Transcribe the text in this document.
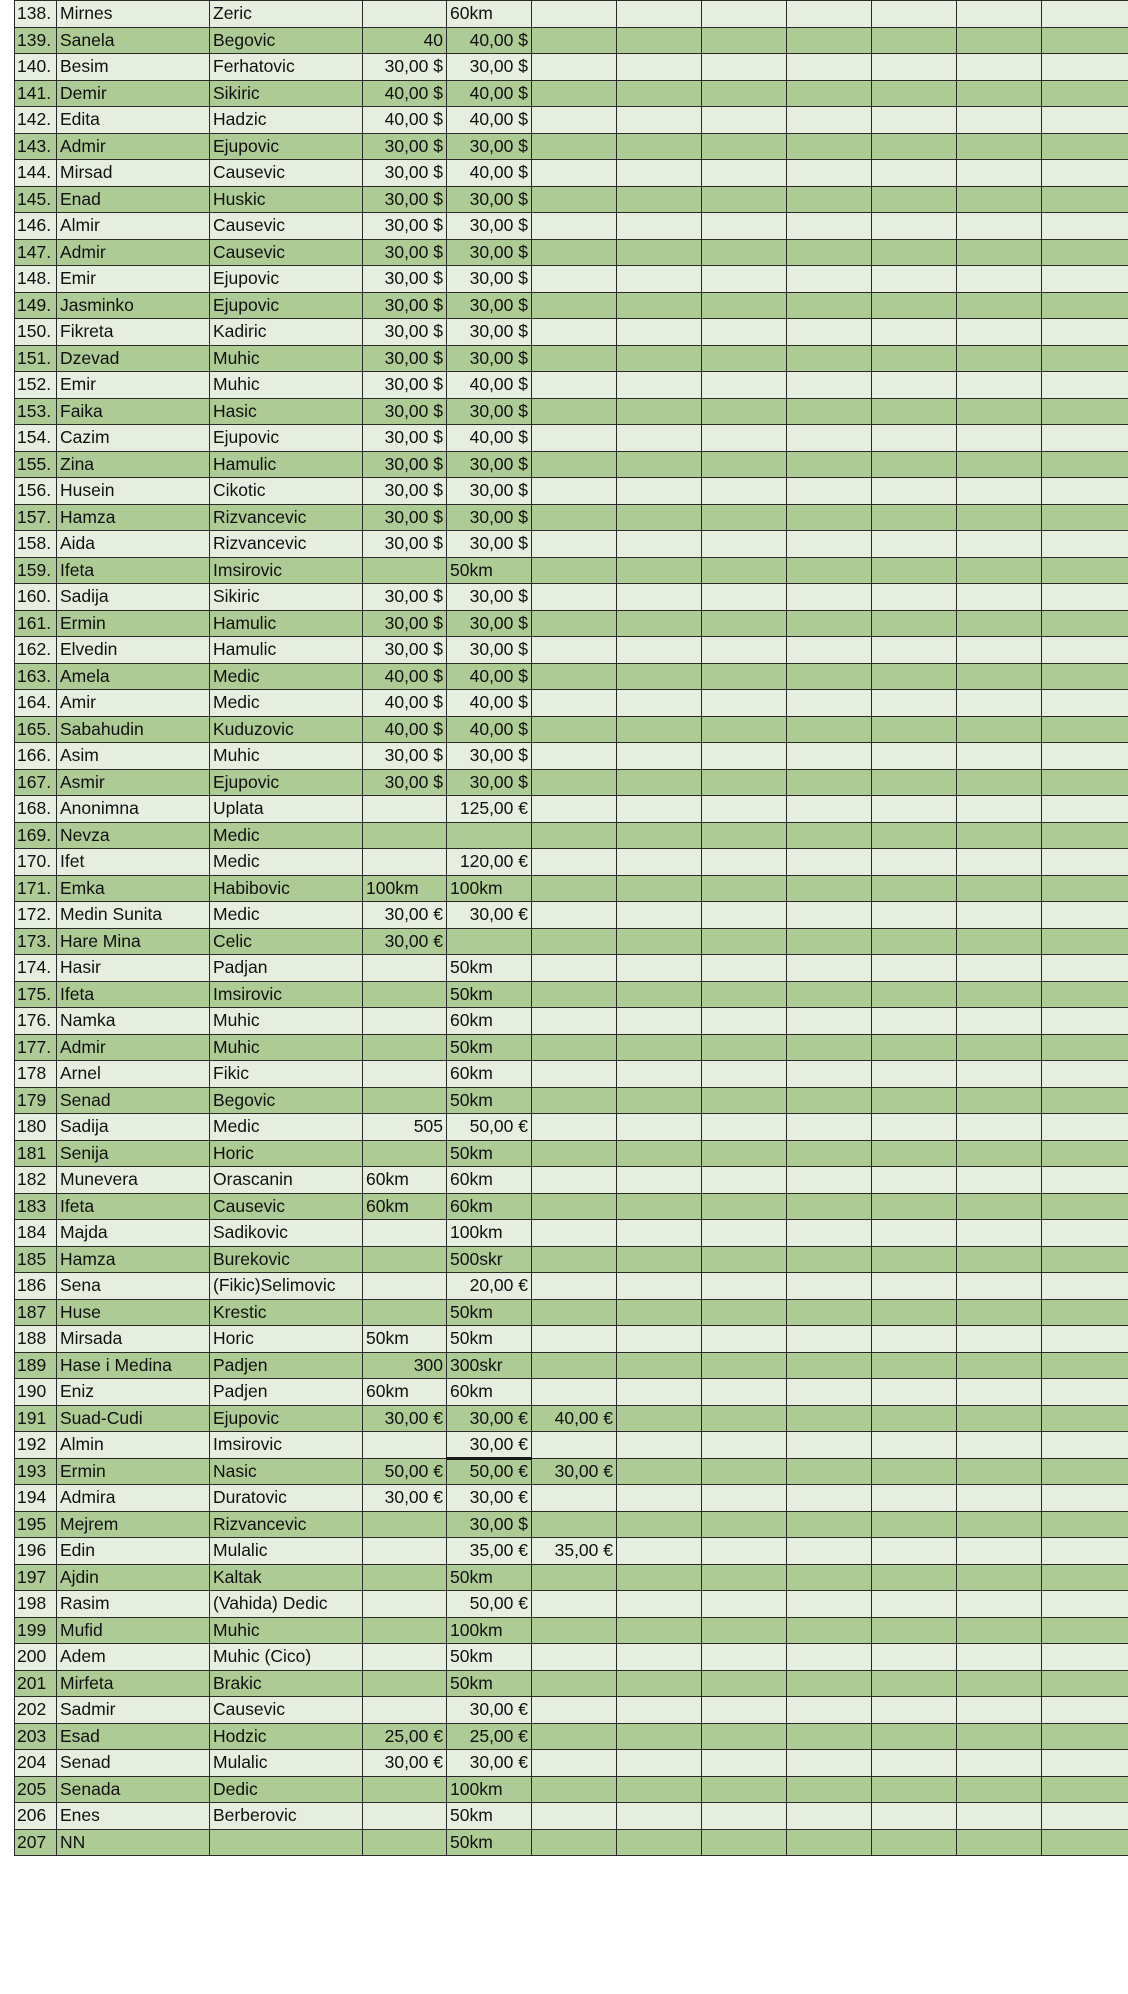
138.	Mirnes	Zeric		60km							
139.	Sanela	Begovic	40	40,00 $							
140.	Besim	Ferhatovic	30,00 $	30,00 $							
141.	Demir	Sikiric	40,00 $	40,00 $							
142.	Edita	Hadzic	40,00 $	40,00 $							
143.	Admir	Ejupovic	30,00 $	30,00 $							
144.	Mirsad	Causevic	30,00 $	40,00 $							
145.	Enad	Huskic	30,00 $	30,00 $							
146.	Almir	Causevic	30,00 $	30,00 $							
147.	Admir	Causevic	30,00 $	30,00 $							
148.	Emir	Ejupovic	30,00 $	30,00 $							
149.	Jasminko	Ejupovic	30,00 $	30,00 $							
150.	Fikreta	Kadiric	30,00 $	30,00 $							
151.	Dzevad	Muhic	30,00 $	30,00 $							
152.	Emir	Muhic	30,00 $	40,00 $							
153.	Faika	Hasic	30,00 $	30,00 $							
154.	Cazim	Ejupovic	30,00 $	40,00 $							
155.	Zina	Hamulic	30,00 $	30,00 $							
156.	Husein	Cikotic	30,00 $	30,00 $							
157.	Hamza	Rizvancevic	30,00 $	30,00 $							
158.	Aida	Rizvancevic	30,00 $	30,00 $							
159.	Ifeta	Imsirovic		50km							
160.	Sadija	Sikiric	30,00 $	30,00 $							
161.	Ermin	Hamulic	30,00 $	30,00 $							
162.	Elvedin	Hamulic	30,00 $	30,00 $							
163.	Amela	Medic	40,00 $	40,00 $							
164.	Amir	Medic	40,00 $	40,00 $							
165.	Sabahudin	Kuduzovic	40,00 $	40,00 $							
166.	Asim	Muhic	30,00 $	30,00 $							
167.	Asmir	Ejupovic	30,00 $	30,00 $							
168.	Anonimna	Uplata		125,00 €							
169.	Nevza	Medic									
170.	Ifet	Medic		120,00 €							
171.	Emka	Habibovic	100km	100km							
172.	Medin Sunita	Medic	30,00 €	30,00 €							
173.	Hare Mina	Celic	30,00 €								
174.	Hasir	Padjan		50km							
175.	Ifeta	Imsirovic		50km							
176.	Namka	Muhic		60km							
177.	Admir	Muhic		50km							
178	Arnel	Fikic		60km							
179	Senad	Begovic		50km							
180	Sadija	Medic	505	50,00 €							
181	Senija	Horic		50km							
182	Munevera	Orascanin	60km	60km							
183	Ifeta	Causevic	60km	60km							
184	Majda	Sadikovic		100km							
185	Hamza	Burekovic		500skr							
186	Sena	(Fikic)Selimovic		20,00 €							
187	Huse	Krestic		50km							
188	Mirsada	Horic	50km	50km							
189	Hase i Medina	Padjen	300	300skr							
190	Eniz	Padjen	60km	60km							
191	Suad-Cudi	Ejupovic	30,00 €	30,00 €	40,00 €						
192	Almin	Imsirovic		30,00 €							
193	Ermin	Nasic	50,00 €	50,00 €	30,00 €						
194	Admira	Duratovic	30,00 €	30,00 €							
195	Mejrem	Rizvancevic		30,00 $							
196	Edin	Mulalic		35,00 €	35,00 €						
197	Ajdin	Kaltak		50km							
198	Rasim	(Vahida) Dedic		50,00 €							
199	Mufid	Muhic		100km							
200	Adem	Muhic (Cico)		50km							
201	Mirfeta	Brakic		50km							
202	Sadmir	Causevic		30,00 €							
203	Esad	Hodzic	25,00 €	25,00 €							
204	Senad	Mulalic	30,00 €	30,00 €							
205	Senada	Dedic		100km							
206	Enes	Berberovic		50km							
207	NN			50km							
